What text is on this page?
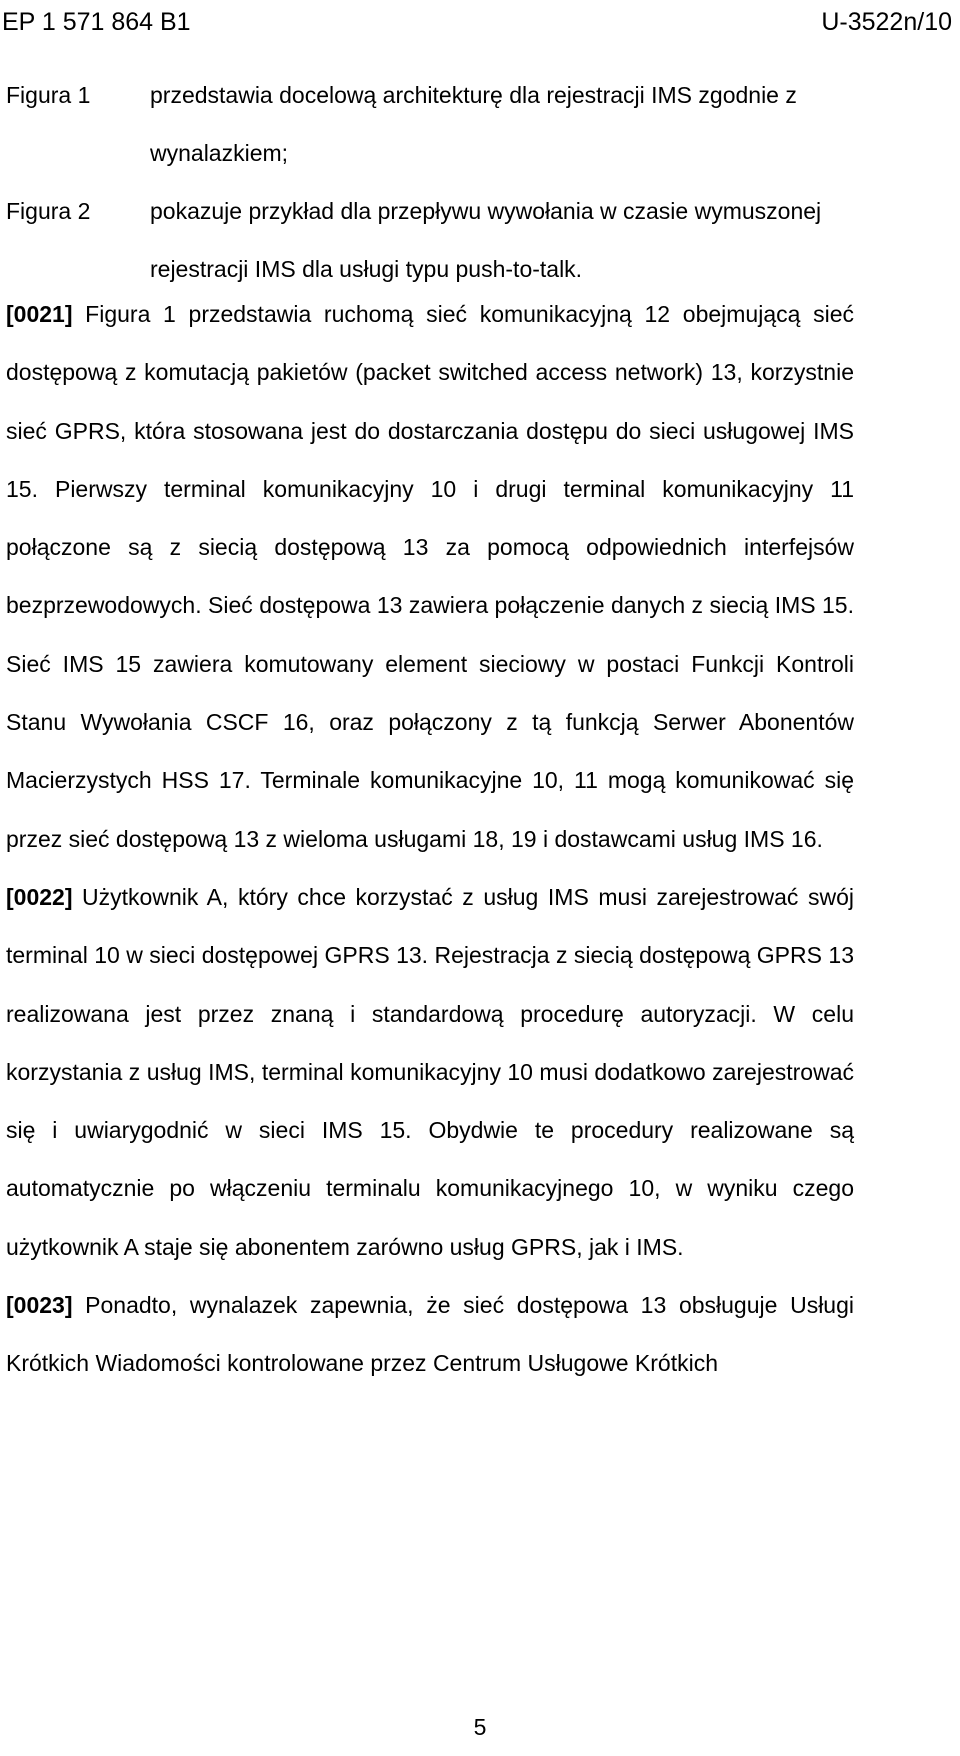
EP 1 571 864 B1	U-3522n/10
Figura 1	przedstawia docelową architekturę dla rejestracji IMS zgodnie z wynalazkiem;
Figura 2	pokazuje przykład dla przepływu wywołania w czasie wymuszonej rejestracji IMS dla usługi typu push-to-talk.

[0021] Figura 1 przedstawia ruchomą sieć komunikacyjną 12 obejmującą sieć dostępową z komutacją pakietów (packet switched access network) 13, korzystnie sieć GPRS, która stosowana jest do dostarczania dostępu do sieci usługowej IMS 15. Pierwszy terminal komunikacyjny 10 i drugi terminal komunikacyjny 11 połączone są z siecią dostępową 13 za pomocą odpowiednich interfejsów bezprzewodowych. Sieć dostępowa 13 zawiera połączenie danych z siecią IMS 15. Sieć IMS 15 zawiera komutowany element sieciowy w postaci Funkcji Kontroli Stanu Wywołania CSCF 16, oraz połączony z tą funkcją Serwer Abonentów Macierzystych HSS 17. Terminale komunikacyjne 10, 11 mogą komunikować się przez sieć dostępową 13 z wieloma usługami 18, 19 i dostawcami usług IMS 16.

[0022] Użytkownik A, który chce korzystać z usług IMS musi zarejestrować swój terminal 10 w sieci dostępowej GPRS 13. Rejestracja z siecią dostępową GPRS 13 realizowana jest przez znaną i standardową procedurę autoryzacji. W celu korzystania z usług IMS, terminal komunikacyjny 10 musi dodatkowo zarejestrować się i uwiarygodnić w sieci IMS 15. Obydwie te procedury realizowane są automatycznie po włączeniu terminalu komunikacyjnego 10, w wyniku czego użytkownik A staje się abonentem zarówno usług GPRS, jak i IMS.

[0023] Ponadto, wynalazek zapewnia, że sieć dostępowa 13 obsługuje Usługi Krótkich Wiadomości kontrolowane przez Centrum Usługowe Krótkich

5
